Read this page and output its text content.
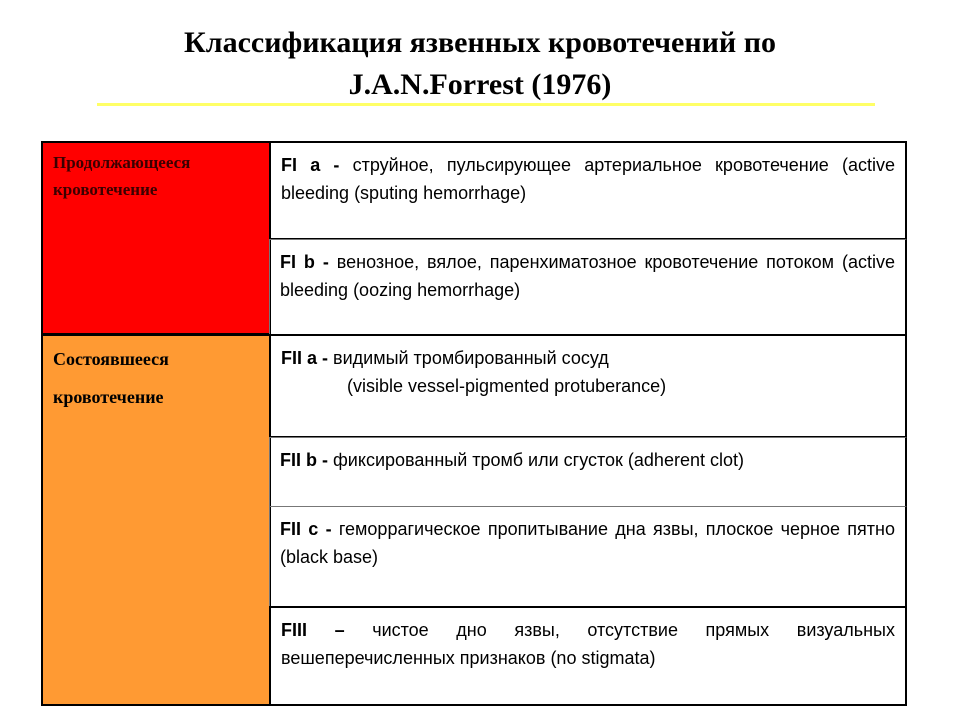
Классификация язвенных кровотечений по
J.A.N.Forrest (1976)
Продолжающееся кровотечение
Состоявшееся
кровотечение
FI a - струйное, пульсирующее артериальное кровотечение (active bleeding (sputing hemorrhage)
FI b - венозное, вялое, паренхиматозное кровотечение потоком (active bleeding (oozing hemorrhage)
FII a - видимый тромбированный сосуд
(visible vessel-pigmented protuberance)
FII b - фиксированный тромб или сгусток (adherent clot)
FII c - геморрагическое пропитывание дна язвы, плоское черное пятно (black base)
FIII – чистое дно язвы, отсутствие прямых визуальных вешеперечисленных признаков (no stigmata)
